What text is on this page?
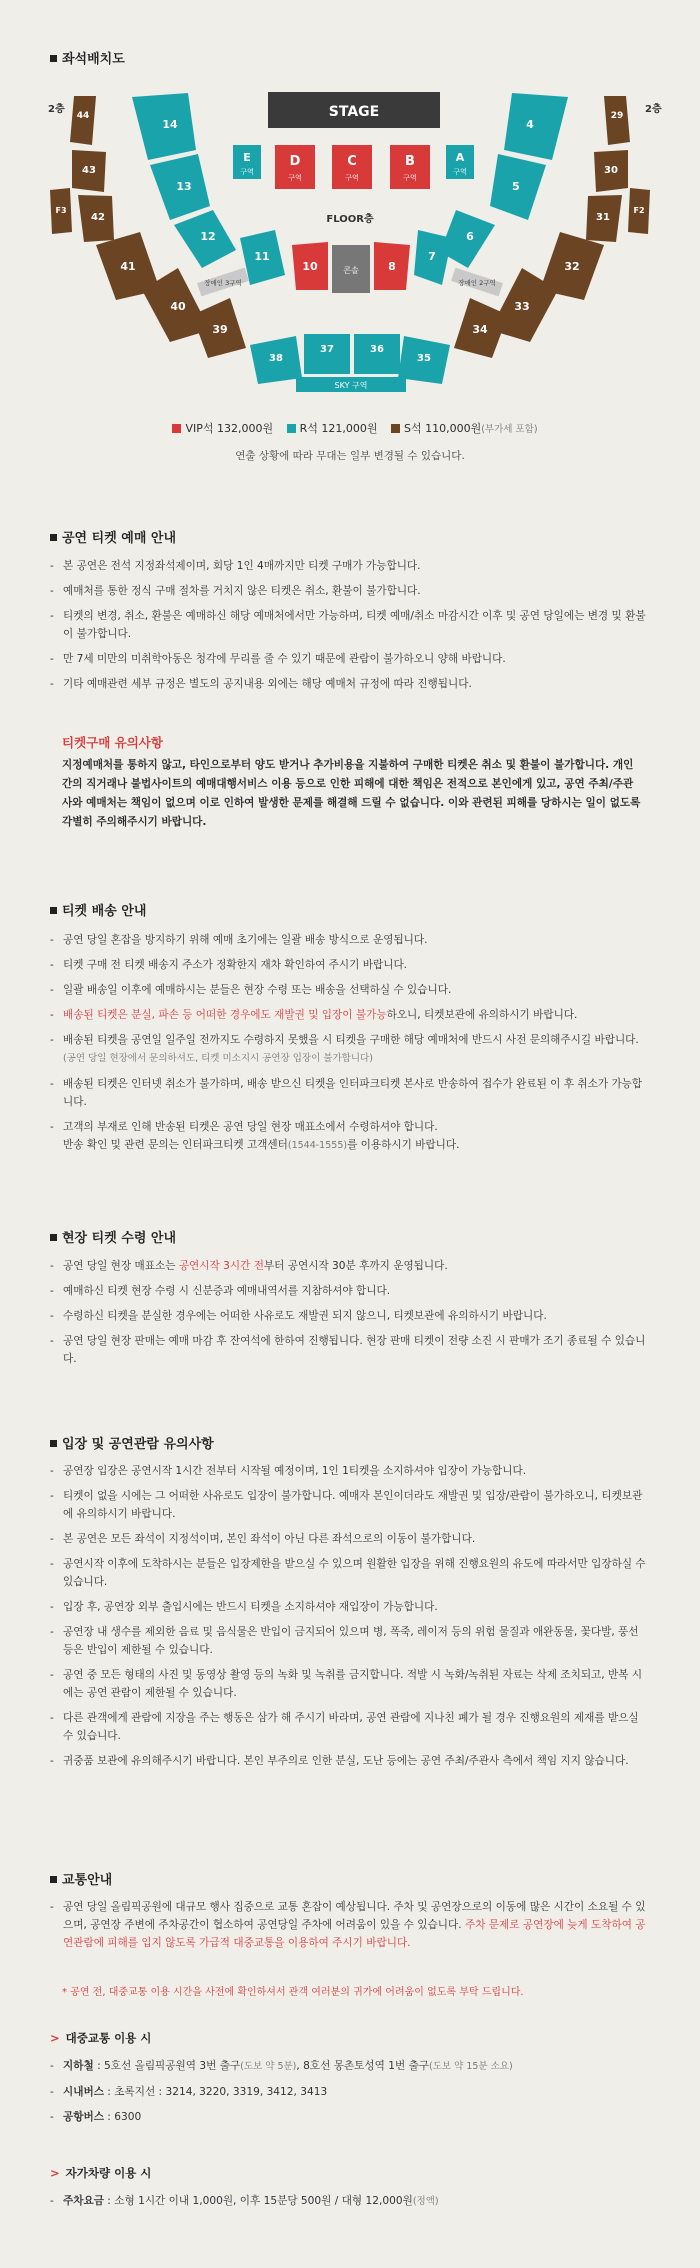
좌석배치도
2층	2층
STAGE
E
구역
D
구역
C
구역
B
구역
A
구역
FLOOR층
14
13
12
11
10	콘솔	8
7
6
5
4
장애인 3구역	장애인 2구역
38
37	36
35
SKY 구역
44
43
F3
42
41
40
39
29
30
F2
31
32
33
34
VIP석 132,000원 R석 121,000원 S석 110,000원(부가세 포함)
연출 상황에 따라 무대는 일부 변경될 수 있습니다.
공연 티켓 예매 안내
- 본 공연은 전석 지정좌석제이며, 회당 1인 4매까지만 티켓 구매가 가능합니다.
- 예매처를 통한 정식 구매 절차를 거치지 않은 티켓은 취소, 환불이 불가합니다.
- 티켓의 변경, 취소, 환불은 예매하신 해당 예매처에서만 가능하며, 티켓 예매/취소 마감시간 이후 및 공연 당일에는 변경 및 환불이 불가합니다.
- 만 7세 미만의 미취학아동은 청각에 무리를 줄 수 있기 때문에 관람이 불가하오니 양해 바랍니다.
- 기타 예매관련 세부 규정은 별도의 공지내용 외에는 해당 예매처 규정에 따라 진행됩니다.
티켓구매 유의사항
지정예매처를 통하지 않고, 타인으로부터 양도 받거나 추가비용을 지불하여 구매한 티켓은 취소 및 환불이 불가합니다. 개인간의 직거래나 불법사이트의 예매대행서비스 이용 등으로 인한 피해에 대한 책임은 전적으로 본인에게 있고, 공연 주최/주관사와 예매처는 책임이 없으며 이로 인하여 발생한 문제를 해결해 드릴 수 없습니다. 이와 관련된 피해를 당하시는 일이 없도록 각별히 주의해주시기 바랍니다.
티켓 배송 안내
- 공연 당일 혼잡을 방지하기 위해 예매 초기에는 일괄 배송 방식으로 운영됩니다.
- 티켓 구매 전 티켓 배송지 주소가 정확한지 재차 확인하여 주시기 바랍니다.
- 일괄 배송일 이후에 예매하시는 분들은 현장 수령 또는 배송을 선택하실 수 있습니다.
- 배송된 티켓은 분실, 파손 등 어떠한 경우에도 재발권 및 입장이 불가능하오니, 티켓보관에 유의하시기 바랍니다.
- 배송된 티켓을 공연일 일주일 전까지도 수령하지 못했을 시 티켓을 구매한 해당 예매처에 반드시 사전 문의해주시길 바랍니다. (공연 당일 현장에서 문의하셔도, 티켓 미소지시 공연장 입장이 불가합니다)
- 배송된 티켓은 인터넷 취소가 불가하며, 배송 받으신 티켓을 인터파크티켓 본사로 반송하여 접수가 완료된 이 후 취소가 가능합니다.
- 고객의 부재로 인해 반송된 티켓은 공연 당일 현장 매표소에서 수령하셔야 합니다.
반송 확인 및 관련 문의는 인터파크티켓 고객센터(1544-1555)를 이용하시기 바랍니다.
현장 티켓 수령 안내
- 공연 당일 현장 매표소는 공연시작 3시간 전부터 공연시작 30분 후까지 운영됩니다.
- 예매하신 티켓 현장 수령 시 신분증과 예매내역서를 지참하셔야 합니다.
- 수령하신 티켓을 분실한 경우에는 어떠한 사유로도 재발권 되지 않으니, 티켓보관에 유의하시기 바랍니다.
- 공연 당일 현장 판매는 예매 마감 후 잔여석에 한하여 진행됩니다. 현장 판매 티켓이 전량 소진 시 판매가 조기 종료될 수 있습니다.
입장 및 공연관람 유의사항
- 공연장 입장은 공연시작 1시간 전부터 시작될 예정이며, 1인 1티켓을 소지하셔야 입장이 가능합니다.
- 티켓이 없을 시에는 그 어떠한 사유로도 입장이 불가합니다. 예매자 본인이더라도 재발권 및 입장/관람이 불가하오니, 티켓보관에 유의하시기 바랍니다.
- 본 공연은 모든 좌석이 지정석이며, 본인 좌석이 아닌 다른 좌석으로의 이동이 불가합니다.
- 공연시작 이후에 도착하시는 분들은 입장제한을 받으실 수 있으며 원활한 입장을 위해 진행요원의 유도에 따라서만 입장하실 수 있습니다.
- 입장 후, 공연장 외부 출입시에는 반드시 티켓을 소지하셔야 재입장이 가능합니다.
- 공연장 내 생수를 제외한 음료 및 음식물은 반입이 금지되어 있으며 병, 폭죽, 레이저 등의 위험 물질과 애완동물, 꽃다발, 풍선 등은 반입이 제한될 수 있습니다.
- 공연 중 모든 형태의 사진 및 동영상 촬영 등의 녹화 및 녹취를 금지합니다. 적발 시 녹화/녹취된 자료는 삭제 조치되고, 반복 시에는 공연 관람이 제한될 수 있습니다.
- 다른 관객에게 관람에 지장을 주는 행동은 삼가 해 주시기 바라며, 공연 관람에 지나친 폐가 될 경우 진행요원의 제재를 받으실 수 있습니다.
- 귀중품 보관에 유의해주시기 바랍니다. 본인 부주의로 인한 분실, 도난 등에는 공연 주최/주관사 측에서 책임 지지 않습니다.
교통안내
- 공연 당일 올림픽공원에 대규모 행사 집중으로 교통 혼잡이 예상됩니다. 주차 및 공연장으로의 이동에 많은 시간이 소요될 수 있으며, 공연장 주변에 주차공간이 협소하여 공연당일 주차에 어려움이 있을 수 있습니다. 주차 문제로 공연장에 늦게 도착하여 공연관람에 피해를 입지 않도록 가급적 대중교통을 이용하여 주시기 바랍니다.
* 공연 전, 대중교통 이용 시간을 사전에 확인하셔서 관객 여러분의 귀가에 어려움이 없도록 부탁 드립니다.
> 대중교통 이용 시
- 지하철 : 5호선 올림픽공원역 3번 출구(도보 약 5분), 8호선 몽촌토성역 1번 출구(도보 약 15분 소요)
- 시내버스 : 초록지선 : 3214, 3220, 3319, 3412, 3413
- 공항버스 : 6300
> 자가차량 이용 시
- 주차요금 : 소형 1시간 이내 1,000원, 이후 15분당 500원 / 대형 12,000원(정액)
